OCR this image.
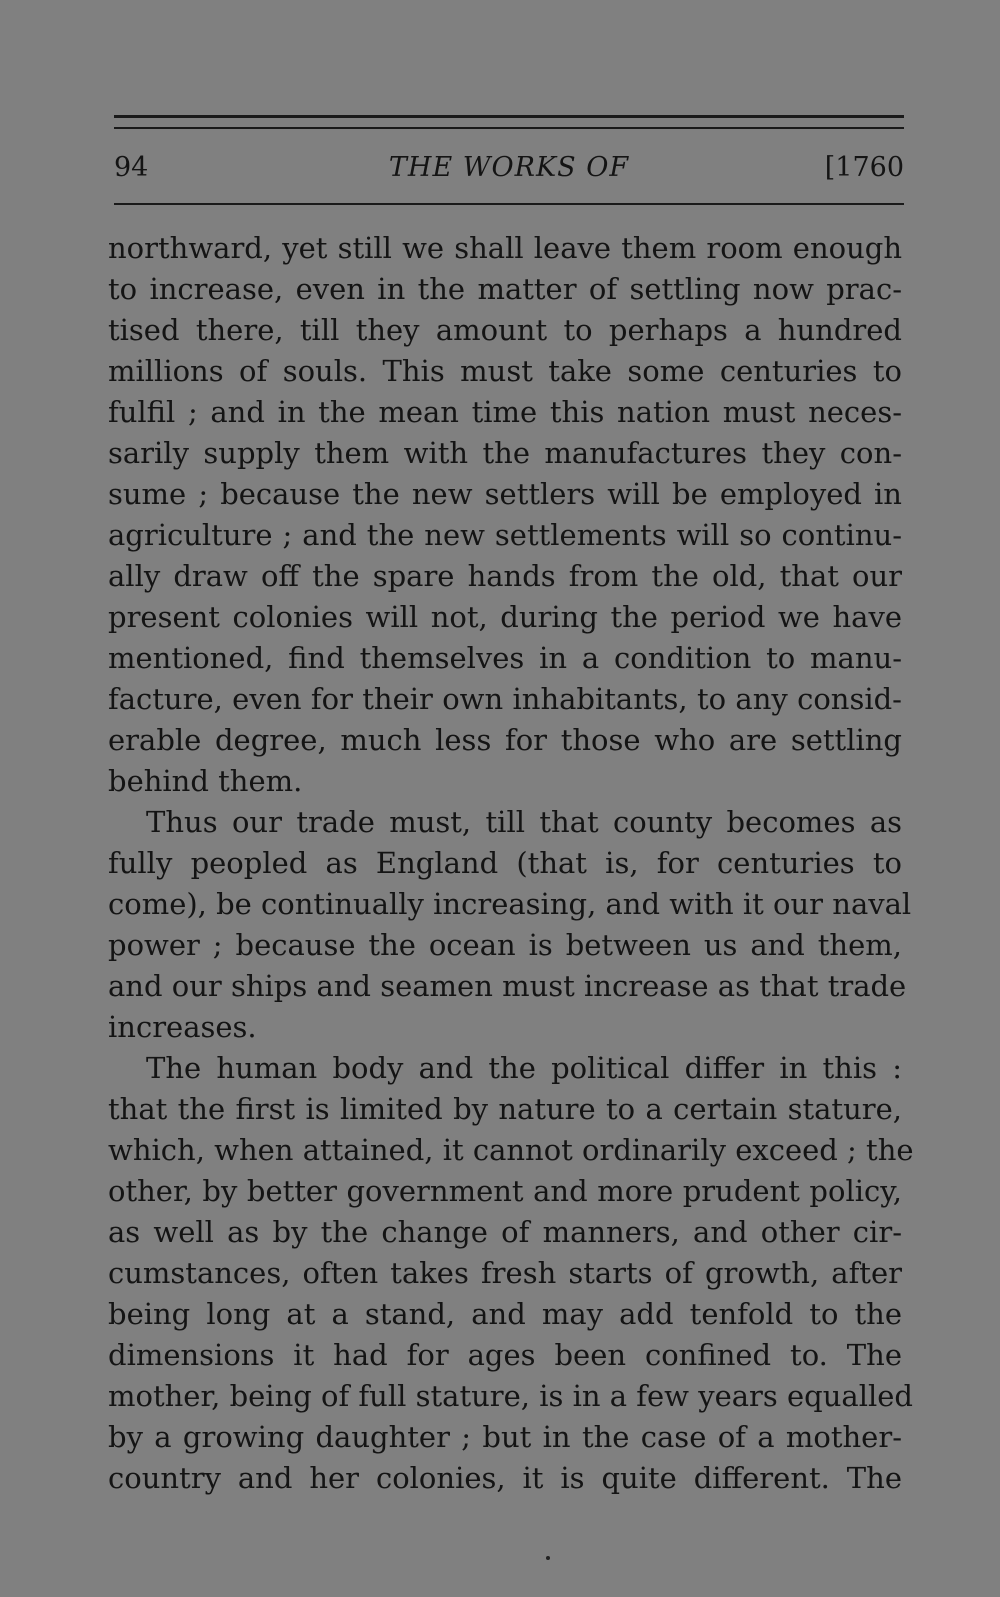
94	THE WORKS OF	[1760
northward, yet still we shall leave them room enough
to increase, even in the matter of settling now prac-
tised there, till they amount to perhaps a hundred
millions of souls. This must take some centuries to
fulfil ; and in the mean time this nation must neces-
sarily supply them with the manufactures they con-
sume ; because the new settlers will be employed in
agriculture ; and the new settlements will so continu-
ally draw off the spare hands from the old, that our
present colonies will not, during the period we have
mentioned, find themselves in a condition to manu-
facture, even for their own inhabitants, to any consid-
erable degree, much less for those who are settling
behind them.
Thus our trade must, till that county becomes as
fully peopled as England (that is, for centuries to
come), be continually increasing, and with it our naval
power ; because the ocean is between us and them,
and our ships and seamen must increase as that trade
increases.
The human body and the political differ in this :
that the first is limited by nature to a certain stature,
which, when attained, it cannot ordinarily exceed ; the
other, by better government and more prudent policy,
as well as by the change of manners, and other cir-
cumstances, often takes fresh starts of growth, after
being long at a stand, and may add tenfold to the
dimensions it had for ages been confined to. The
mother, being of full stature, is in a few years equalled
by a growing daughter ; but in the case of a mother-
country and her colonies, it is quite different. The
